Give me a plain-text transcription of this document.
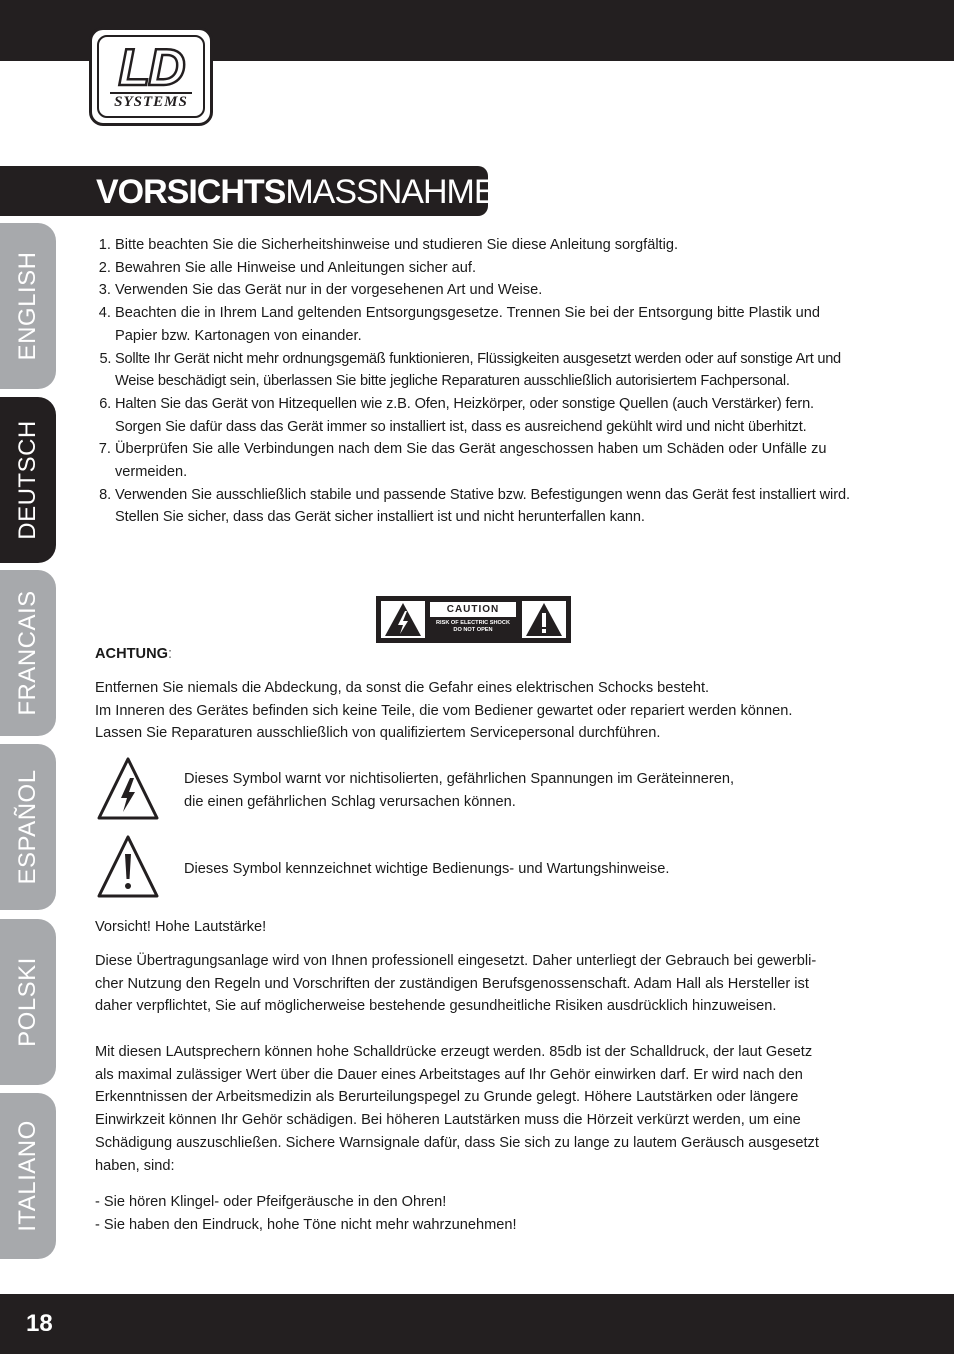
LD
SYSTEMS
VORSICHTSMASSNAHMEN:
ENGLISH
DEUTSCH
FRANCAIS
ESPAÑOL
POLSKI
ITALIANO
1. Bitte beachten Sie die Sicherheitshinweise und studieren Sie diese Anleitung sorgfältig.
2. Bewahren Sie alle Hinweise und Anleitungen sicher auf.
3. Verwenden Sie das Gerät nur in der vorgesehenen Art und Weise.
4. Beachten die in Ihrem Land geltenden Entsorgungsgesetze. Trennen Sie bei der Entsorgung bitte Plastik und Papier bzw. Kartonagen von einander.
5. Sollte Ihr Gerät nicht mehr ordnungsgemäß funktionieren, Flüssigkeiten ausgesetzt werden oder auf sonstige Art und Weise beschädigt sein, überlassen Sie bitte jegliche Reparaturen ausschließlich autorisiertem Fachpersonal.
6. Halten Sie das Gerät von Hitzequellen wie z.B. Ofen, Heizkörper, oder sonstige Quellen (auch Verstärker) fern. Sorgen Sie dafür dass das Gerät immer so installiert ist, dass es ausreichend gekühlt wird und nicht überhitzt.
7. Überprüfen Sie alle Verbindungen nach dem Sie das Gerät angeschossen haben um Schäden oder Unfälle zu vermeiden.
8. Verwenden Sie ausschließlich stabile und passende Stative bzw. Befestigungen wenn das Gerät fest installiert wird. Stellen Sie sicher, dass das Gerät sicher installiert ist und nicht herunterfallen kann.
CAUTION
RISK OF ELECTRIC SHOCK
DO NOT OPEN
ACHTUNG:
Entfernen Sie niemals die Abdeckung, da sonst die Gefahr eines elektrischen Schocks besteht.
Im Inneren des Gerätes befinden sich keine Teile, die vom Bediener gewartet oder repariert werden können.
Lassen Sie Reparaturen ausschließlich von qualifiziertem Servicepersonal durchführen.
Dieses Symbol warnt vor nichtisolierten, gefährlichen Spannungen im Geräteinneren,
die einen gefährlichen Schlag verursachen können.
Dieses Symbol kennzeichnet wichtige Bedienungs- und Wartungshinweise.
Vorsicht! Hohe Lautstärke!
Diese Übertragungsanlage wird von Ihnen professionell eingesetzt. Daher unterliegt der Gebrauch bei gewerbli-
cher Nutzung den Regeln und Vorschriften der zuständigen Berufsgenossenschaft. Adam Hall als Hersteller ist
daher verpflichtet, Sie auf möglicherweise bestehende gesundheitliche Risiken ausdrücklich hinzuweisen.
Mit diesen LAutsprechern können hohe Schalldrücke erzeugt werden. 85db ist der Schalldruck, der laut Gesetz
als maximal zulässiger Wert über die Dauer eines Arbeitstages auf Ihr Gehör einwirken darf. Er wird nach den
Erkenntnissen der Arbeitsmedizin als Berurteilungspegel zu Grunde gelegt. Höhere Lautstärken oder längere
Einwirkzeit können Ihr Gehör schädigen. Bei höheren Lautstärken muss die Hörzeit verkürzt werden, um eine
Schädigung auszuschließen. Sichere Warnsignale dafür, dass Sie sich zu lange zu lautem Geräusch ausgesetzt
haben, sind:
- Sie hören Klingel- oder Pfeifgeräusche in den Ohren!
- Sie haben den Eindruck, hohe Töne nicht mehr wahrzunehmen!
18
